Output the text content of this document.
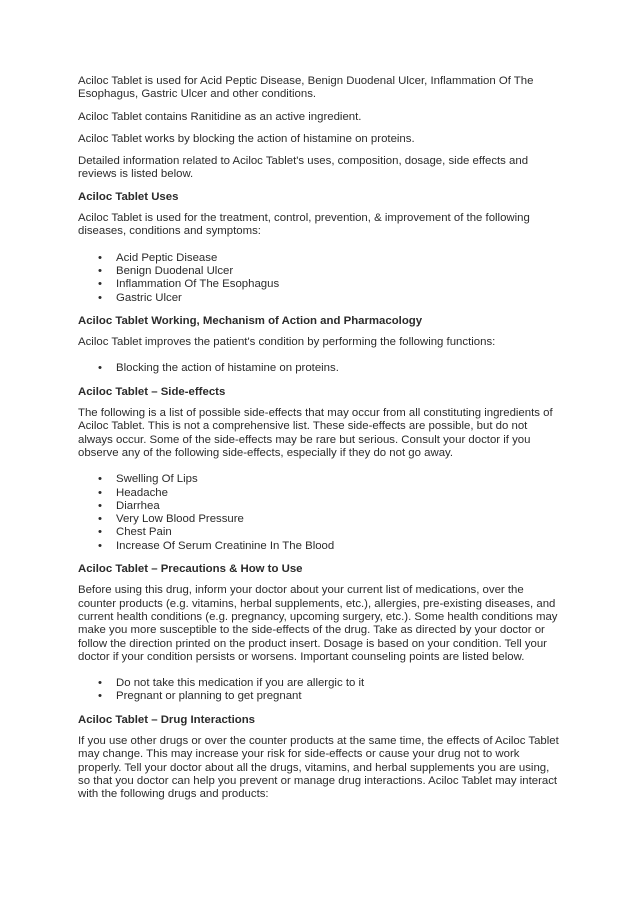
Aciloc Tablet is used for Acid Peptic Disease, Benign Duodenal Ulcer, Inflammation Of The Esophagus, Gastric Ulcer and other conditions.

Aciloc Tablet contains Ranitidine as an active ingredient.

Aciloc Tablet works by blocking the action of histamine on proteins.

Detailed information related to Aciloc Tablet's uses, composition, dosage, side effects and reviews is listed below.

Aciloc Tablet Uses

Aciloc Tablet is used for the treatment, control, prevention, & improvement of the following diseases, conditions and symptoms:

• Acid Peptic Disease
• Benign Duodenal Ulcer
• Inflammation Of The Esophagus
• Gastric Ulcer
Aciloc Tablet Working, Mechanism of Action and Pharmacology

Aciloc Tablet improves the patient's condition by performing the following functions:

• Blocking the action of histamine on proteins.
Aciloc Tablet – Side-effects

The following is a list of possible side-effects that may occur from all constituting ingredients of Aciloc Tablet. This is not a comprehensive list. These side-effects are possible, but do not always occur. Some of the side-effects may be rare but serious. Consult your doctor if you observe any of the following side-effects, especially if they do not go away.

• Swelling Of Lips
• Headache
• Diarrhea
• Very Low Blood Pressure
• Chest Pain
• Increase Of Serum Creatinine In The Blood
Aciloc Tablet – Precautions & How to Use

Before using this drug, inform your doctor about your current list of medications, over the counter products (e.g. vitamins, herbal supplements, etc.), allergies, pre-existing diseases, and current health conditions (e.g. pregnancy, upcoming surgery, etc.). Some health conditions may make you more susceptible to the side-effects of the drug. Take as directed by your doctor or follow the direction printed on the product insert. Dosage is based on your condition. Tell your doctor if your condition persists or worsens. Important counseling points are listed below.

• Do not take this medication if you are allergic to it
• Pregnant or planning to get pregnant
Aciloc Tablet – Drug Interactions

If you use other drugs or over the counter products at the same time, the effects of Aciloc Tablet may change. This may increase your risk for side-effects or cause your drug not to work properly. Tell your doctor about all the drugs, vitamins, and herbal supplements you are using, so that you doctor can help you prevent or manage drug interactions. Aciloc Tablet may interact with the following drugs and products:
